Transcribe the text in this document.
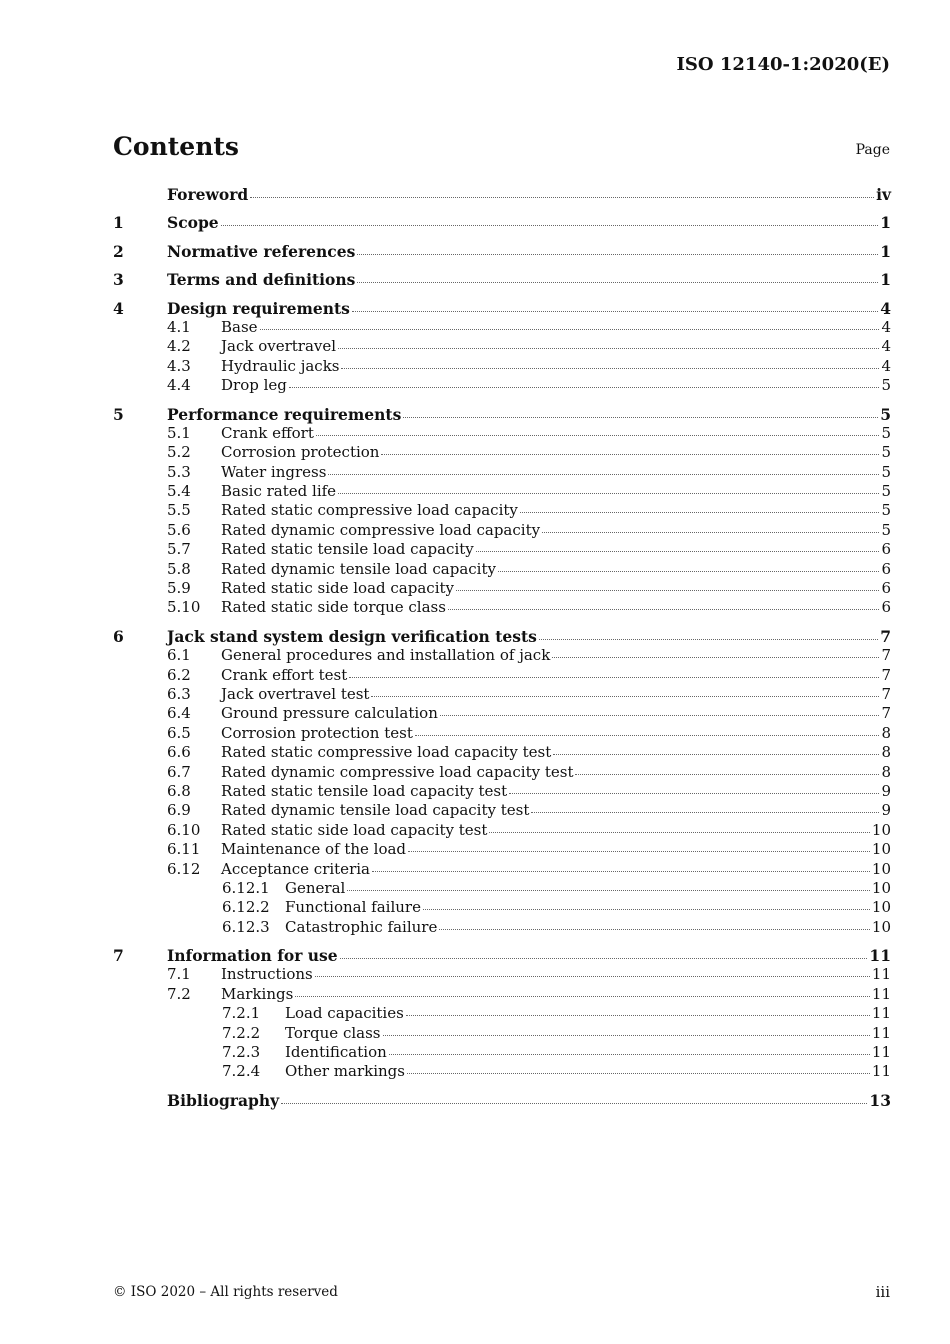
ISO 12140-1:2020(E)
Contents	Page
Foreword	iv
1	Scope	1
2	Normative references	1
3	Terms and definitions	1
4	Design requirements	4
4.1	Base	4
4.2	Jack overtravel	4
4.3	Hydraulic jacks	4
4.4	Drop leg	5
5	Performance requirements	5
5.1	Crank effort	5
5.2	Corrosion protection	5
5.3	Water ingress	5
5.4	Basic rated life	5
5.5	Rated static compressive load capacity	5
5.6	Rated dynamic compressive load capacity	5
5.7	Rated static tensile load capacity	6
5.8	Rated dynamic tensile load capacity	6
5.9	Rated static side load capacity	6
5.10	Rated static side torque class	6
6	Jack stand system design verification tests	7
6.1	General procedures and installation of jack	7
6.2	Crank effort test	7
6.3	Jack overtravel test	7
6.4	Ground pressure calculation	7
6.5	Corrosion protection test	8
6.6	Rated static compressive load capacity test	8
6.7	Rated dynamic compressive load capacity test	8
6.8	Rated static tensile load capacity test	9
6.9	Rated dynamic tensile load capacity test	9
6.10	Rated static side load capacity test	10
6.11	Maintenance of the load	10
6.12	Acceptance criteria	10
6.12.1	General	10
6.12.2	Functional failure	10
6.12.3	Catastrophic failure	10
7	Information for use	11
7.1	Instructions	11
7.2	Markings	11
7.2.1	Load capacities	11
7.2.2	Torque class	11
7.2.3	Identification	11
7.2.4	Other markings	11
Bibliography	13
© ISO 2020 – All rights reserved	iii
